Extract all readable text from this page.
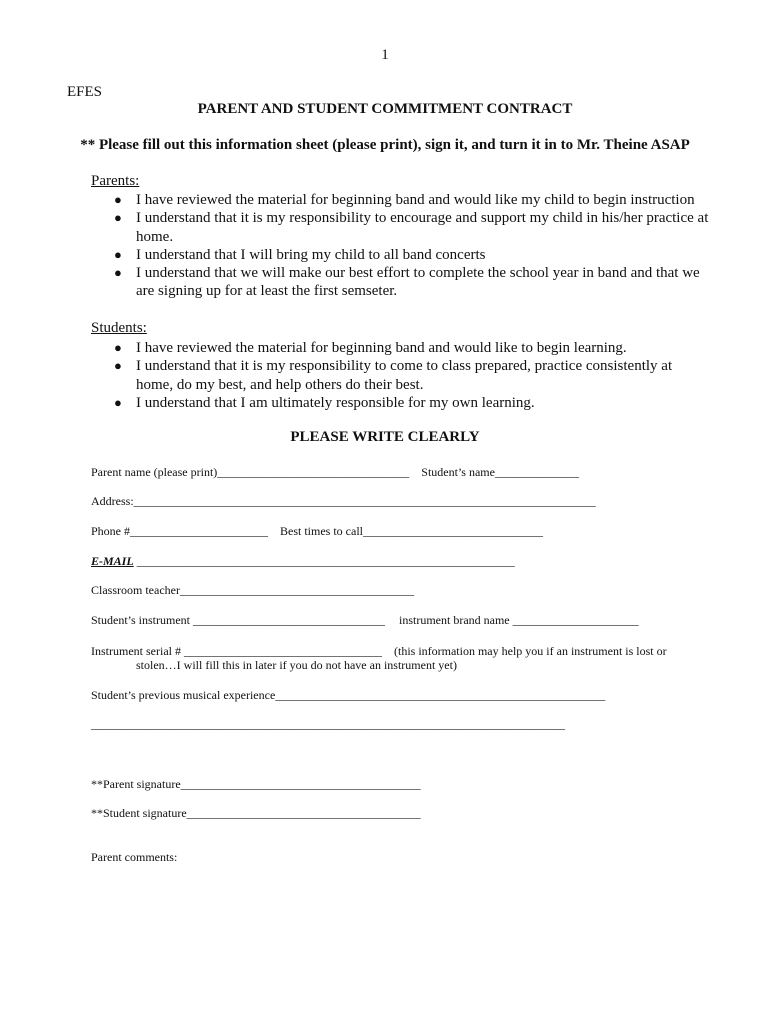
1
EFES
PARENT AND STUDENT COMMITMENT CONTRACT
** Please fill out this information sheet (please print), sign it, and turn it in to Mr. Theine ASAP
Parents:
● I have reviewed the material for beginning band and would like my child to begin instruction
● I understand that it is my responsibility to encourage and support my child in his/her practice at home.
● I understand that I will bring my child to all band concerts
● I understand that we will make our best effort to complete the school year in band and that we are signing up for at least the first semseter.
Students:
● I have reviewed the material for beginning band and would like to begin learning.
● I understand that it is my responsibility to come to class prepared, practice consistently at home, do my best, and help others do their best.
● I understand that I am ultimately responsible for my own learning.
PLEASE WRITE CLEARLY
Parent name (please print)________________________________ Student’s name______________
Address:_____________________________________________________________________________
Phone #_______________________ Best times to call______________________________
E-MAIL _______________________________________________________________
Classroom teacher_______________________________________
Student’s instrument ________________________________ instrument brand name _____________________
Instrument serial # _________________________________ (this information may help you if an instrument is lost or
stolen…I will fill this in later if you do not have an instrument yet)
Student’s previous musical experience_______________________________________________________
_______________________________________________________________________________
**Parent signature________________________________________
**Student signature_______________________________________
Parent comments:
